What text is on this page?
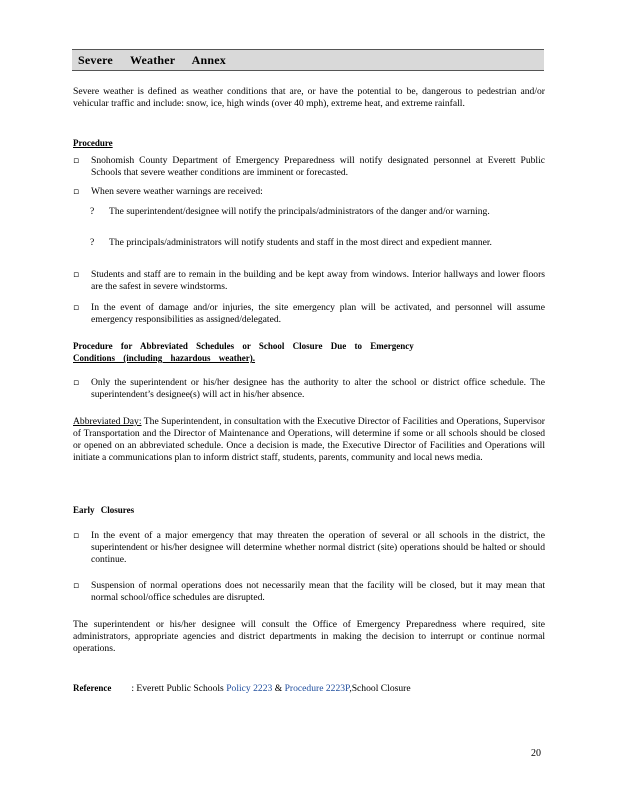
Severe Weather Annex
Severe weather is defined as weather conditions that are, or have the potential to be, dangerous to pedestrian and/or vehicular traffic and include: snow, ice, high winds (over 40 mph), extreme heat, and extreme rainfall.
Procedure
▫	Snohomish County Department of Emergency Preparedness will notify designated personnel at Everett Public Schools that severe weather conditions are imminent or forecasted.
▫	When severe weather warnings are received:
? The superintendent/designee will notify the principals/administrators of the danger and/or warning.
? The principals/administrators will notify students and staff in the most direct and expedient manner.
▫	Students and staff are to remain in the building and be kept away from windows. Interior hallways and lower floors are the safest in severe windstorms.
▫	In the event of damage and/or injuries, the site emergency plan will be activated, and personnel will assume emergency responsibilities as assigned/delegated.
Procedure for Abbreviated Schedules or School Closure Due to Emergency
Conditions (including hazardous weather).
▫	Only the superintendent or his/her designee has the authority to alter the school or district office schedule. The superintendent’s designee(s) will act in his/her absence.
Abbreviated Day: The Superintendent, in consultation with the Executive Director of Facilities and Operations, Supervisor of Transportation and the Director of Maintenance and Operations, will determine if some or all schools should be closed or opened on an abbreviated schedule. Once a decision is made, the Executive Director of Facilities and Operations will initiate a communications plan to inform district staff, students, parents, community and local news media.
Early Closures
▫	In the event of a major emergency that may threaten the operation of several or all schools in the district, the superintendent or his/her designee will determine whether normal district (site) operations should be halted or should continue.
▫	Suspension of normal operations does not necessarily mean that the facility will be closed, but it may mean that normal school/office schedules are disrupted.
The superintendent or his/her designee will consult the Office of Emergency Preparedness where required, site administrators, appropriate agencies and district departments in making the decision to interrupt or continue normal operations.
Reference : Everett Public Schools Policy 2223 & Procedure 2223P,School Closure
20
